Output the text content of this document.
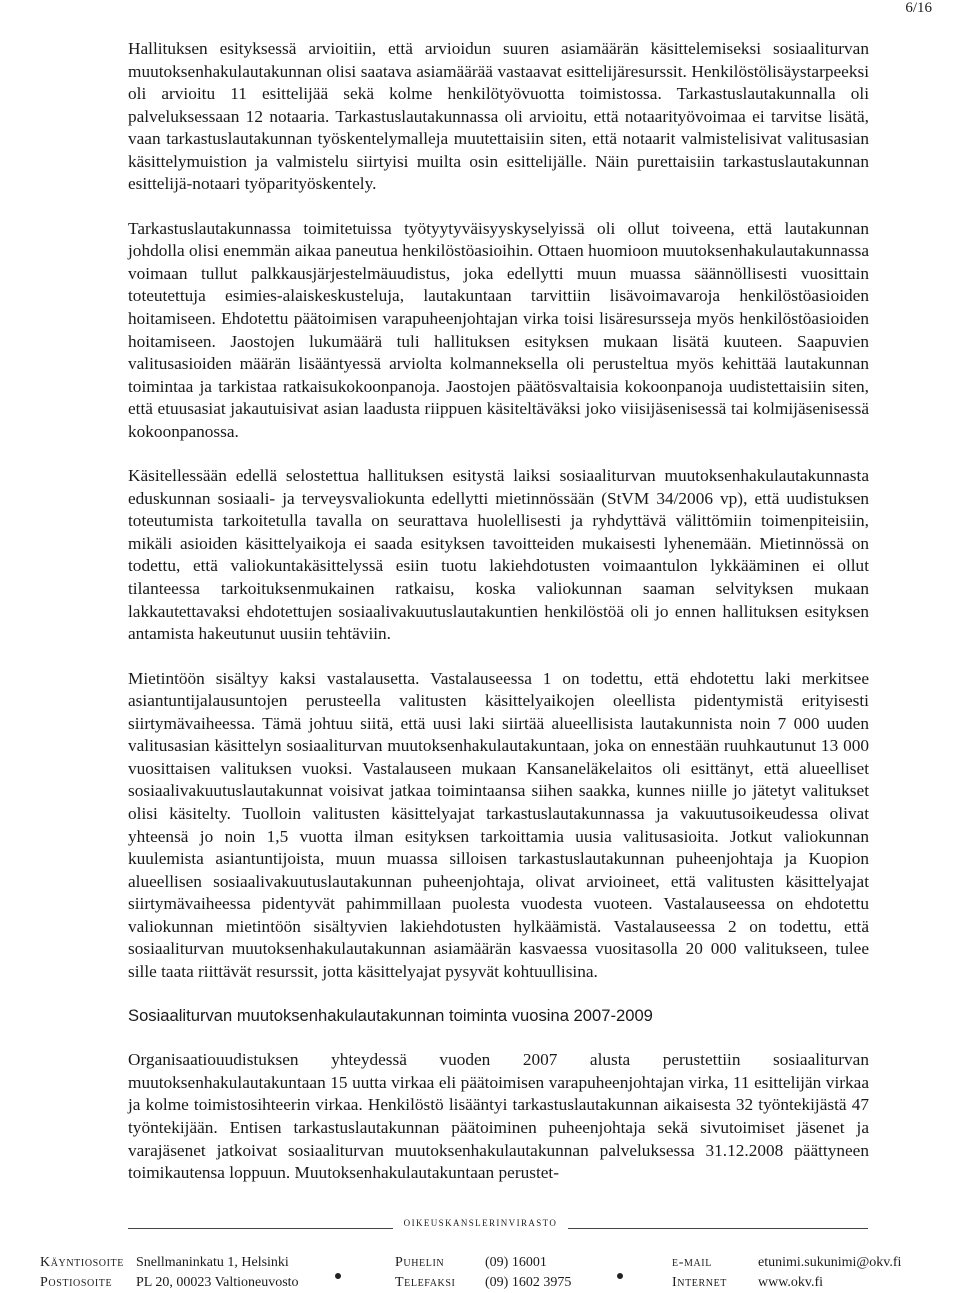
6/16

Hallituksen esityksessä arvioitiin, että arvioidun suuren asiamäärän käsittelemiseksi sosiaaliturvan muutoksenhakulautakunnan olisi saatava asiamäärää vastaavat esittelijäresurssit. Henkilöstölisäystarpeeksi oli arvioitu 11 esittelijää sekä kolme henkilötyövuotta toimistossa. Tarkastuslautakunnalla oli palveluksessaan 12 notaaria. Tarkastuslautakunnassa oli arvioitu, että notaarityövoimaa ei tarvitse lisätä, vaan tarkastuslautakunnan työskentelymalleja muutettaisiin siten, että notaarit valmistelisivat valitusasian käsittelymuistion ja valmistelu siirtyisi muilta osin esittelijälle. Näin purettaisiin tarkastuslautakunnan esittelijä-notaari työparityöskentely.

Tarkastuslautakunnassa toimitetuissa työtyytyväisyyskyselyissä oli ollut toiveena, että lautakunnan johdolla olisi enemmän aikaa paneutua henkilöstöasioihin. Ottaen huomioon muutoksenhakulautakunnassa voimaan tullut palkkausjärjestelmäuudistus, joka edellytti muun muassa säännöllisesti vuosittain toteutettuja esimies-alaiskeskusteluja, lautakuntaan tarvittiin lisävoimavaroja henkilöstöasioiden hoitamiseen. Ehdotettu päätoimisen varapuheenjohtajan virka toisi lisäresursseja myös henkilöstöasioiden hoitamiseen. Jaostojen lukumäärä tuli hallituksen esityksen mukaan lisätä kuuteen. Saapuvien valitusasioiden määrän lisääntyessä arviolta kolmanneksella oli perusteltua myös kehittää lautakunnan toimintaa ja tarkistaa ratkaisukokoonpanoja. Jaostojen päätösvaltaisia kokoonpanoja uudistettaisiin siten, että etuusasiat jakautuisivat asian laadusta riippuen käsiteltäväksi joko viisijäsenisessä tai kolmijäsenisessä kokoonpanossa.

Käsitellessään edellä selostettua hallituksen esitystä laiksi sosiaaliturvan muutoksenhakulautakunnasta eduskunnan sosiaali- ja terveysvaliokunta edellytti mietinnössään (StVM 34/2006 vp), että uudistuksen toteutumista tarkoitetulla tavalla on seurattava huolellisesti ja ryhdyttävä välittömiin toimenpiteisiin, mikäli asioiden käsittelyaikoja ei saada esityksen tavoitteiden mukaisesti lyhenemään. Mietinnössä on todettu, että valiokuntakäsittelyssä esiin tuotu lakiehdotusten voimaantulon lykkääminen ei ollut tilanteessa tarkoituksenmukainen ratkaisu, koska valiokunnan saaman selvityksen mukaan lakkautettavaksi ehdotettujen sosiaalivakuutuslautakuntien henkilöstöä oli jo ennen hallituksen esityksen antamista hakeutunut uusiin tehtäviin.

Mietintöön sisältyy kaksi vastalausetta. Vastalauseessa 1 on todettu, että ehdotettu laki merkitsee asiantuntijalausuntojen perusteella valitusten käsittelyaikojen oleellista pidentymistä erityisesti siirtymävaiheessa. Tämä johtuu siitä, että uusi laki siirtää alueellisista lautakunnista noin 7 000 uuden valitusasian käsittelyn sosiaaliturvan muutoksenhakulautakuntaan, joka on ennestään ruuhkautunut 13 000 vuosittaisen valituksen vuoksi. Vastalauseen mukaan Kansaneläkelaitos oli esittänyt, että alueelliset sosiaalivakuutuslautakunnat voisivat jatkaa toimintaansa siihen saakka, kunnes niille jo jätetyt valitukset olisi käsitelty. Tuolloin valitusten käsittelyajat tarkastuslautakunnassa ja vakuutusoikeudessa olivat yhteensä jo noin 1,5 vuotta ilman esityksen tarkoittamia uusia valitusasioita. Jotkut valiokunnan kuulemista asiantuntijoista, muun muassa silloisen tarkastuslautakunnan puheenjohtaja ja Kuopion alueellisen sosiaalivakuutuslautakunnan puheenjohtaja, olivat arvioineet, että valitusten käsittelyajat siirtymävaiheessa pidentyvät pahimmillaan puolesta vuodesta vuoteen. Vastalauseessa on ehdotettu valiokunnan mietintöön sisältyvien lakiehdotusten hylkäämistä. Vastalauseessa 2 on todettu, että sosiaaliturvan muutoksenhakulautakunnan asiamäärän kasvaessa vuositasolla 20 000 valitukseen, tulee sille taata riittävät resurssit, jotta käsittelyajat pysyvät kohtuullisina.

Sosiaaliturvan muutoksenhakulautakunnan toiminta vuosina 2007-2009

Organisaatiouudistuksen yhteydessä vuoden 2007 alusta perustettiin sosiaaliturvan muutoksenhakulautakuntaan 15 uutta virkaa eli päätoimisen varapuheenjohtajan virka, 11 esittelijän virkaa ja kolme toimistosihteerin virkaa. Henkilöstö lisääntyi tarkastuslautakunnan aikaisesta 32 työntekijästä 47 työntekijään. Entisen tarkastuslautakunnan päätoiminen puheenjohtaja sekä sivutoimiset jäsenet ja varajäsenet jatkoivat sosiaaliturvan muutoksenhakulautakunnan palveluksessa 31.12.2008 päättyneen toimikautensa loppuun. Muutoksenhakulautakuntaan perustet-

oikeuskanslerinvirasto
Käyntiosoite
Postiosoite
Snellmaninkatu 1, Helsinki
PL 20, 00023 Valtioneuvosto
Puhelin
Telefaksi
(09) 16001
(09) 1602 3975
e-mail
Internet
etunimi.sukunimi@okv.fi
www.okv.fi
